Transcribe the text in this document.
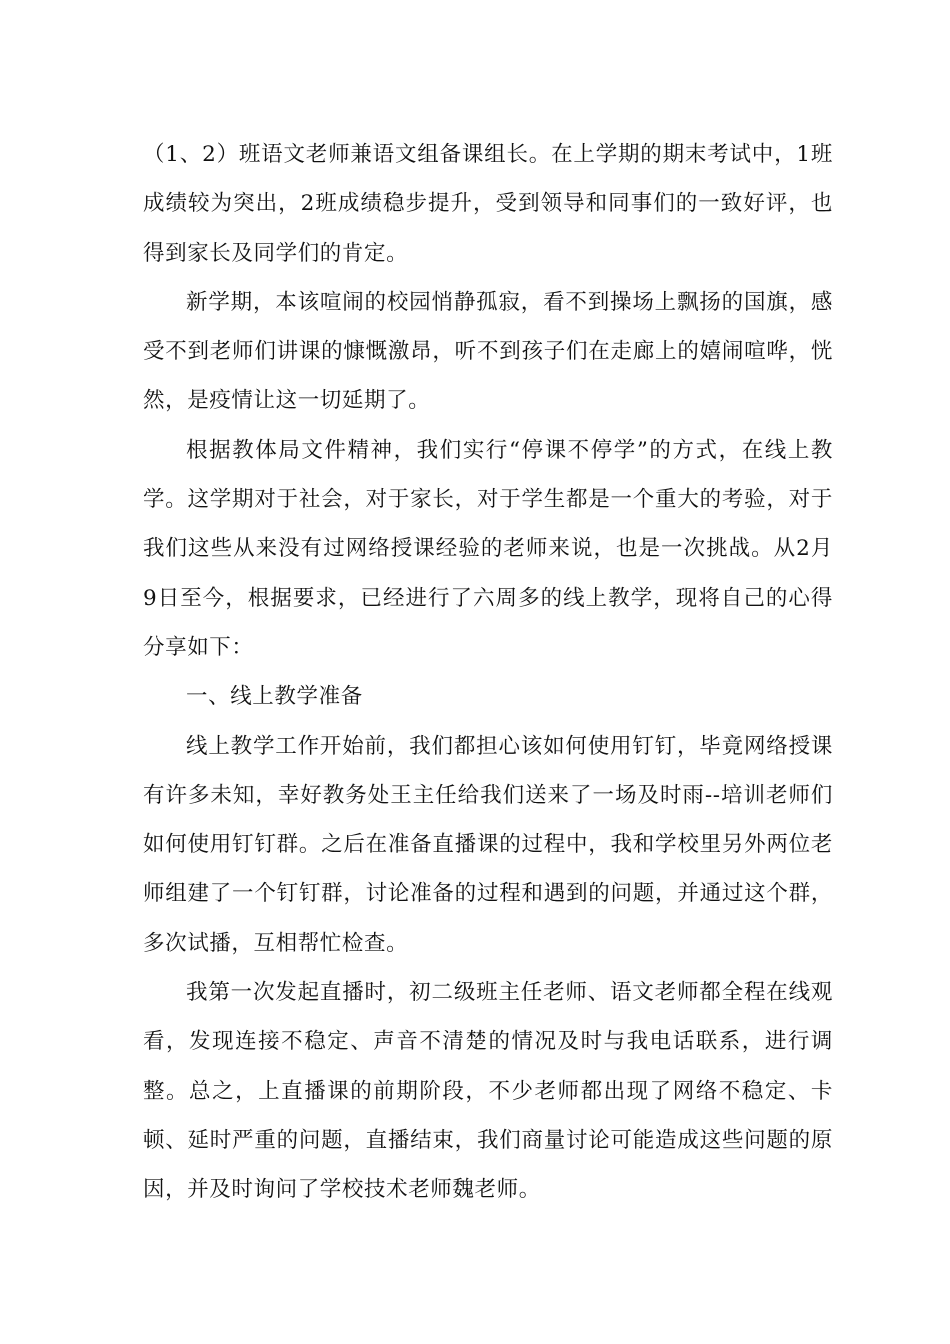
（1、2）班语文老师兼语文组备课组长。在上学期的期末考试中，1班成绩较为突出，2班成绩稳步提升，受到领导和同事们的一致好评，也得到家长及同学们的肯定。

新学期，本该喧闹的校园悄静孤寂，看不到操场上飘扬的国旗，感受不到老师们讲课的慷慨激昂，听不到孩子们在走廊上的嬉闹喧哗，恍然，是疫情让这一切延期了。

根据教体局文件精神，我们实行“停课不停学”的方式，在线上教学。这学期对于社会，对于家长，对于学生都是一个重大的考验，对于我们这些从来没有过网络授课经验的老师来说，也是一次挑战。从2月9日至今，根据要求，已经进行了六周多的线上教学，现将自己的心得分享如下：

一、线上教学准备

线上教学工作开始前，我们都担心该如何使用钉钉，毕竟网络授课有许多未知，幸好教务处王主任给我们送来了一场及时雨--培训老师们如何使用钉钉群。之后在准备直播课的过程中，我和学校里另外两位老师组建了一个钉钉群，讨论准备的过程和遇到的问题，并通过这个群，多次试播，互相帮忙检查。

我第一次发起直播时，初二级班主任老师、语文老师都全程在线观看，发现连接不稳定、声音不清楚的情况及时与我电话联系，进行调整。总之，上直播课的前期阶段，不少老师都出现了网络不稳定、卡顿、延时严重的问题，直播结束，我们商量讨论可能造成这些问题的原因，并及时询问了学校技术老师魏老师。
